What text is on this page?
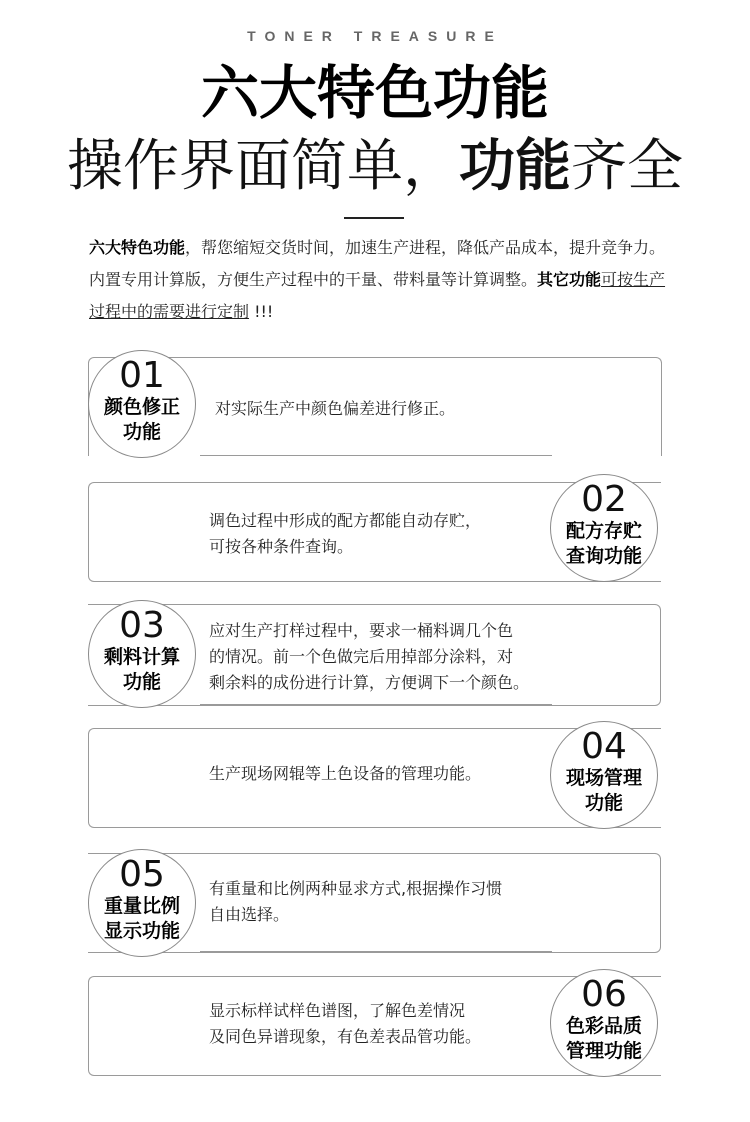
TONER TREASURE
六大特色功能
操作界面简单，功能齐全
六大特色功能，帮您缩短交货时间，加速生产进程，降低产品成本，提升竞争力。内置专用计算版，方便生产过程中的干量、带料量等计算调整。其它功能可按生产过程中的需要进行定制 !!!
对实际生产中颜色偏差进行修正。
01
颜色修正
功能
调色过程中形成的配方都能自动存贮，
可按各种条件查询。
02
配方存贮
查询功能
应对生产打样过程中，要求一桶料调几个色
的情况。前一个色做完后用掉部分涂料，对
剩余料的成份进行计算，方便调下一个颜色。
03
剩料计算
功能
生产现场网辊等上色设备的管理功能。
04
现场管理
功能
有重量和比例两种显求方式,根据操作习惯
自由选择。
05
重量比例
显示功能
显示标样试样色谱图，了解色差情况
及同色异谱现象，有色差表品管功能。
06
色彩品质
管理功能
